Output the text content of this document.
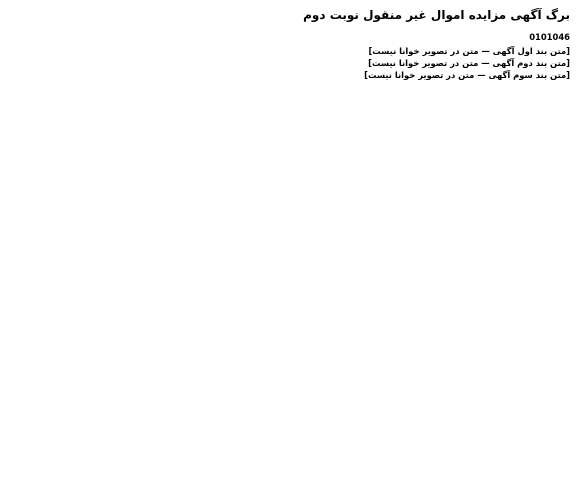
برگ آگهی مزایده اموال غیر منقول نوبت دوم

0101046

[متن بند اول آگهی — متن در تصویر خوانا نیست]

[متن بند دوم آگهی — متن در تصویر خوانا نیست]

[متن بند سوم آگهی — متن در تصویر خوانا نیست]
